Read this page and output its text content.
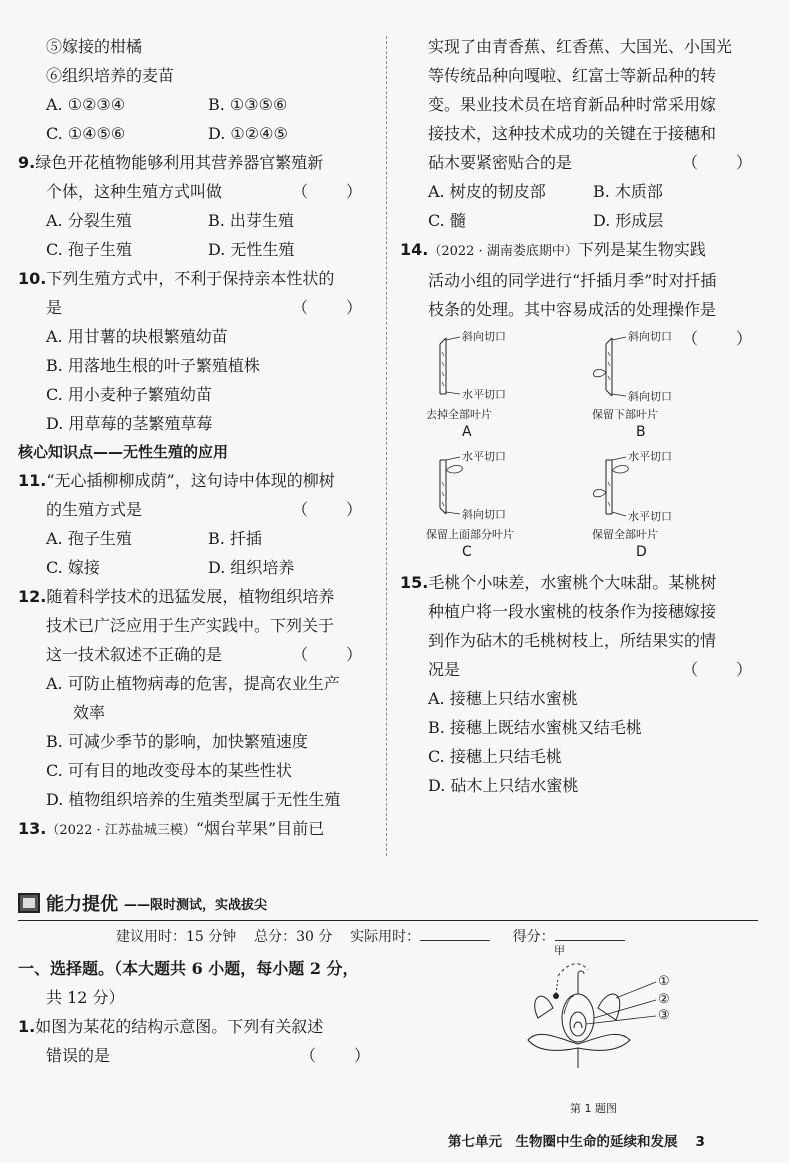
⑤嫁接的柑橘
⑥组织培养的麦苗
A. ①②③④	B. ①③⑤⑥
C. ①④⑤⑥	D. ①②④⑤
9.绿色开花植物能够利用其营养器官繁殖新
个体，这种生殖方式叫做	（　　）
A. 分裂生殖	B. 出芽生殖
C. 孢子生殖	D. 无性生殖
10.下列生殖方式中，不利于保持亲本性状的
是	（　　）
A. 用甘薯的块根繁殖幼苗
B. 用落地生根的叶子繁殖植株
C. 用小麦种子繁殖幼苗
D. 用草莓的茎繁殖草莓
核心知识点——无性生殖的应用
11.“无心插柳柳成荫”，这句诗中体现的柳树
的生殖方式是	（　　）
A. 孢子生殖	B. 扦插
C. 嫁接	D. 组织培养
12.随着科学技术的迅猛发展，植物组织培养
技术已广泛应用于生产实践中。下列关于
这一技术叙述不正确的是	（　　）
A. 可防止植物病毒的危害，提高农业生产
效率
B. 可减少季节的影响，加快繁殖速度
C. 可有目的地改变母本的某些性状
D. 植物组织培养的生殖类型属于无性生殖
13.（2022 · 江苏盐城三模）“烟台苹果”目前已
实现了由青香蕉、红香蕉、大国光、小国光
等传统品种向嘎啦、红富士等新品种的转
变。果业技术员在培育新品种时常采用嫁
接技术，这种技术成功的关键在于接穗和
砧木要紧密贴合的是	（　　）
A. 树皮的韧皮部	B. 木质部
C. 髓	D. 形成层
14.（2022 · 湖南娄底期中）下列是某生物实践
活动小组的同学进行“扦插月季”时对扦插
枝条的处理。其中容易成活的处理操作是
（　　）
斜向切口
水平切口
去掉全部叶片
A
斜向切口
斜向切口
保留下部叶片
B
水平切口
斜向切口
保留上面部分叶片
C
水平切口
水平切口
保留全部叶片
D
15.毛桃个小味差，水蜜桃个大味甜。某桃树
种植户将一段水蜜桃的枝条作为接穗嫁接
到作为砧木的毛桃树枝上，所结果实的情
况是	（　　）
A. 接穗上只结水蜜桃
B. 接穗上既结水蜜桃又结毛桃
C. 接穗上只结毛桃
D. 砧木上只结水蜜桃
能力提优 ——限时测试，实战拔尖
建议用时：15 分钟 总分：30 分 实际用时：	得分：
一、选择题。（本大题共 6 小题，每小题 2 分，
共 12 分）
1.如图为某花的结构示意图。下列有关叙述
错误的是	（　　）
甲
①
②
③
第 1 题图
第七单元　生物圈中生命的延续和发展 3
